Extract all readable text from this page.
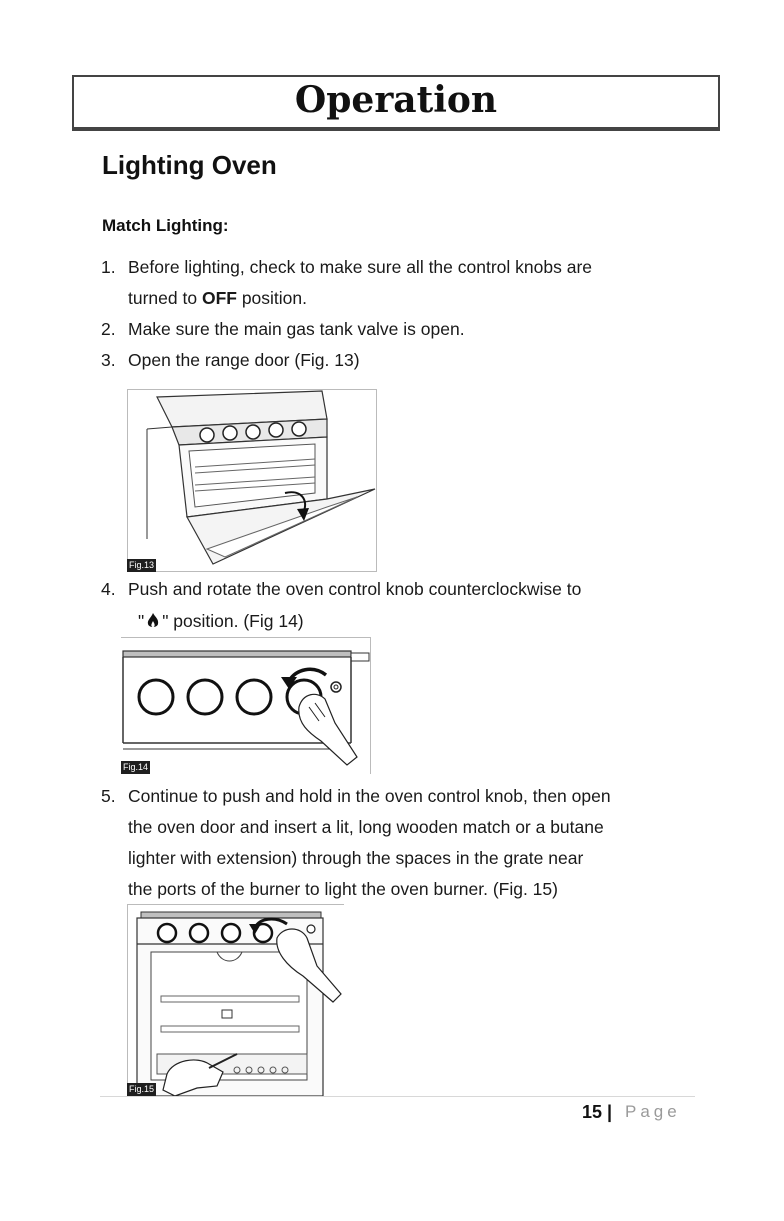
Operation
Lighting Oven
Match Lighting:
1. Before lighting, check to make sure all the control knobs are
turned to OFF position.
2. Make sure the main gas tank valve is open.
3. Open the range door (Fig. 13)
Fig.13
4. Push and rotate the oven control knob counterclockwise to
" " position. (Fig 14)
Fig.14
5. Continue to push and hold in the oven control knob, then open
the oven door and insert a lit, long wooden match or a butane
lighter with extension) through the spaces in the grate near
the ports of the burner to light the oven burner. (Fig. 15)
Fig.15
15 | Page
